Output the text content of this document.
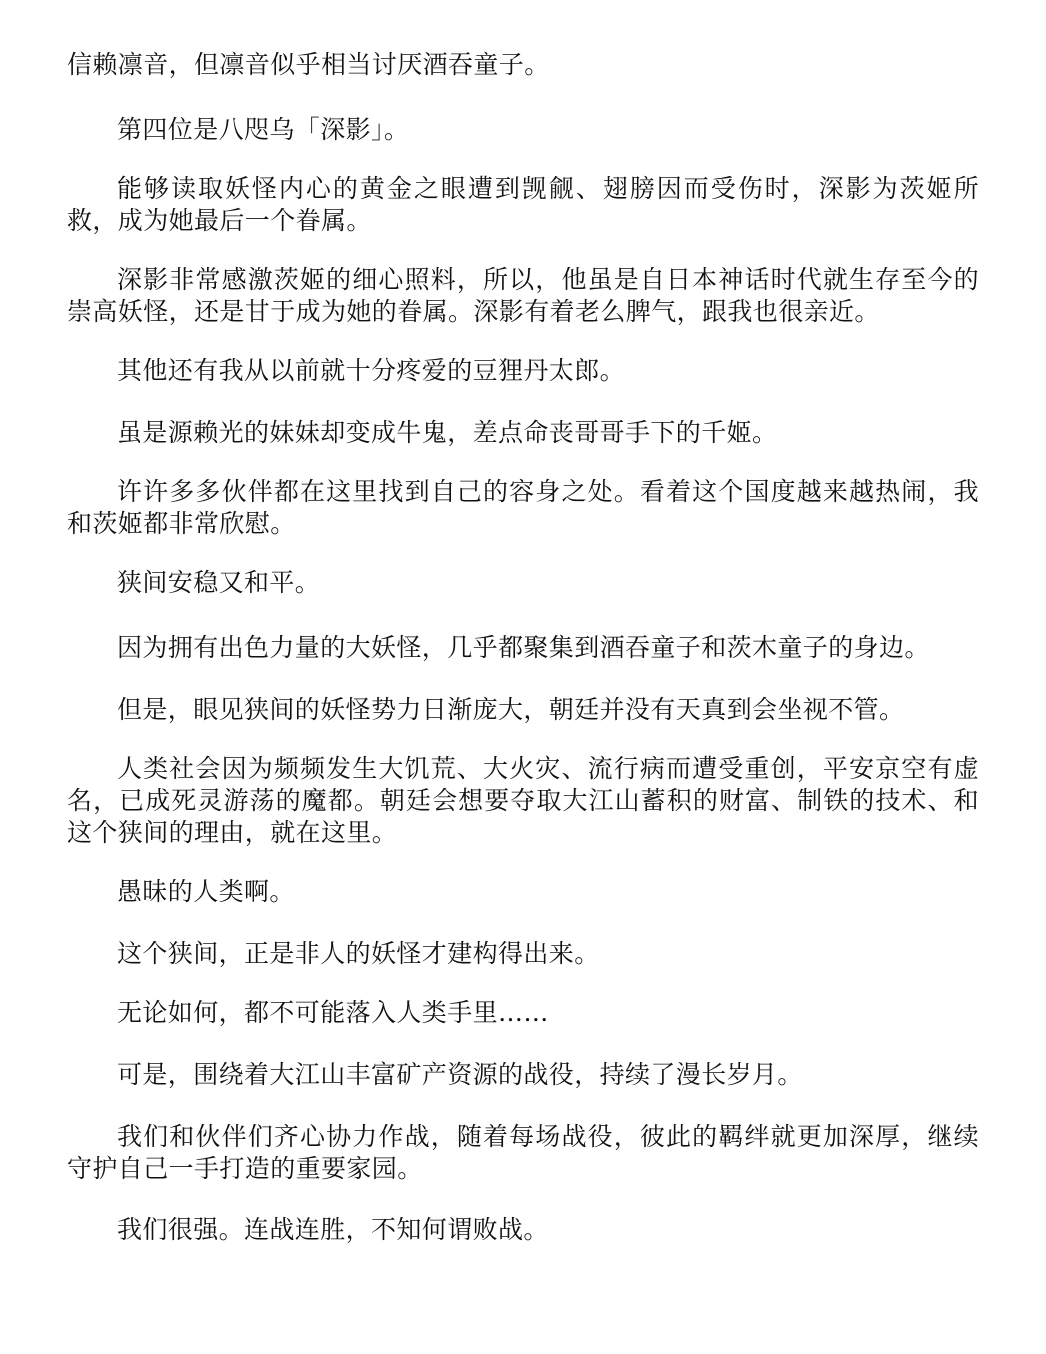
信赖凛音，但凛音似乎相当讨厌酒吞童子。

第四位是八咫乌「深影」。

能够读取妖怪内心的黄金之眼遭到觊觎、翅膀因而受伤时，深影为茨姬所救，成为她最后一个眷属。

深影非常感激茨姬的细心照料，所以，他虽是自日本神话时代就生存至今的崇高妖怪，还是甘于成为她的眷属。深影有着老么脾气，跟我也很亲近。

其他还有我从以前就十分疼爱的豆狸丹太郎。

虽是源赖光的妹妹却变成牛鬼，差点命丧哥哥手下的千姬。

许许多多伙伴都在这里找到自己的容身之处。看着这个国度越来越热闹，我和茨姬都非常欣慰。

狭间安稳又和平。

因为拥有出色力量的大妖怪，几乎都聚集到酒吞童子和茨木童子的身边。

但是，眼见狭间的妖怪势力日渐庞大，朝廷并没有天真到会坐视不管。

人类社会因为频频发生大饥荒、大火灾、流行病而遭受重创，平安京空有虚名，已成死灵游荡的魔都。朝廷会想要夺取大江山蓄积的财富、制铁的技术、和这个狭间的理由，就在这里。

愚昧的人类啊。

这个狭间，正是非人的妖怪才建构得出来。

无论如何，都不可能落入人类手里……

可是，围绕着大江山丰富矿产资源的战役，持续了漫长岁月。

我们和伙伴们齐心协力作战，随着每场战役，彼此的羁绊就更加深厚，继续守护自己一手打造的重要家园。

我们很强。连战连胜，不知何谓败战。
